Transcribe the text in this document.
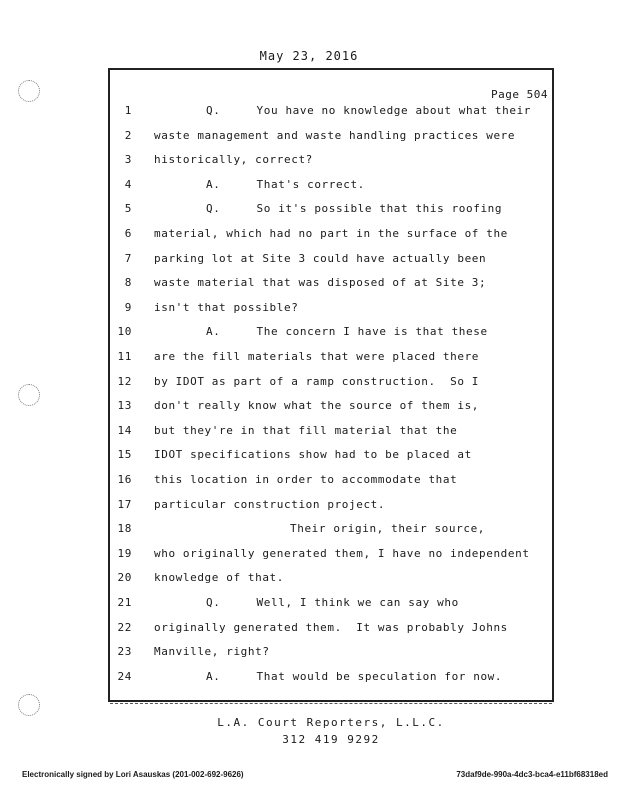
May 23, 2016
Page 504
1	Q.     You have no knowledge about what their
2 waste management and waste handling practices were
3 historically, correct?
4	A.     That's correct.
5	Q.     So it's possible that this roofing
6 material, which had no part in the surface of the
7 parking lot at Site 3 could have actually been
8 waste material that was disposed of at Site 3;
9 isn't that possible?
10	A.     The concern I have is that these
11 are the fill materials that were placed there
12 by IDOT as part of a ramp construction.  So I
13 don't really know what the source of them is,
14 but they're in that fill material that the
15 IDOT specifications show had to be placed at
16 this location in order to accommodate that
17 particular construction project.
18	Their origin, their source,
19 who originally generated them, I have no independent
20 knowledge of that.
21	Q.     Well, I think we can say who
22 originally generated them.  It was probably Johns
23 Manville, right?
24	A.     That would be speculation for now.
L.A. Court Reporters, L.L.C.
312 419 9292
Electronically signed by Lori Asauskas (201-002-692-9626)	73daf9de-990a-4dc3-bca4-e11bf68318ed
